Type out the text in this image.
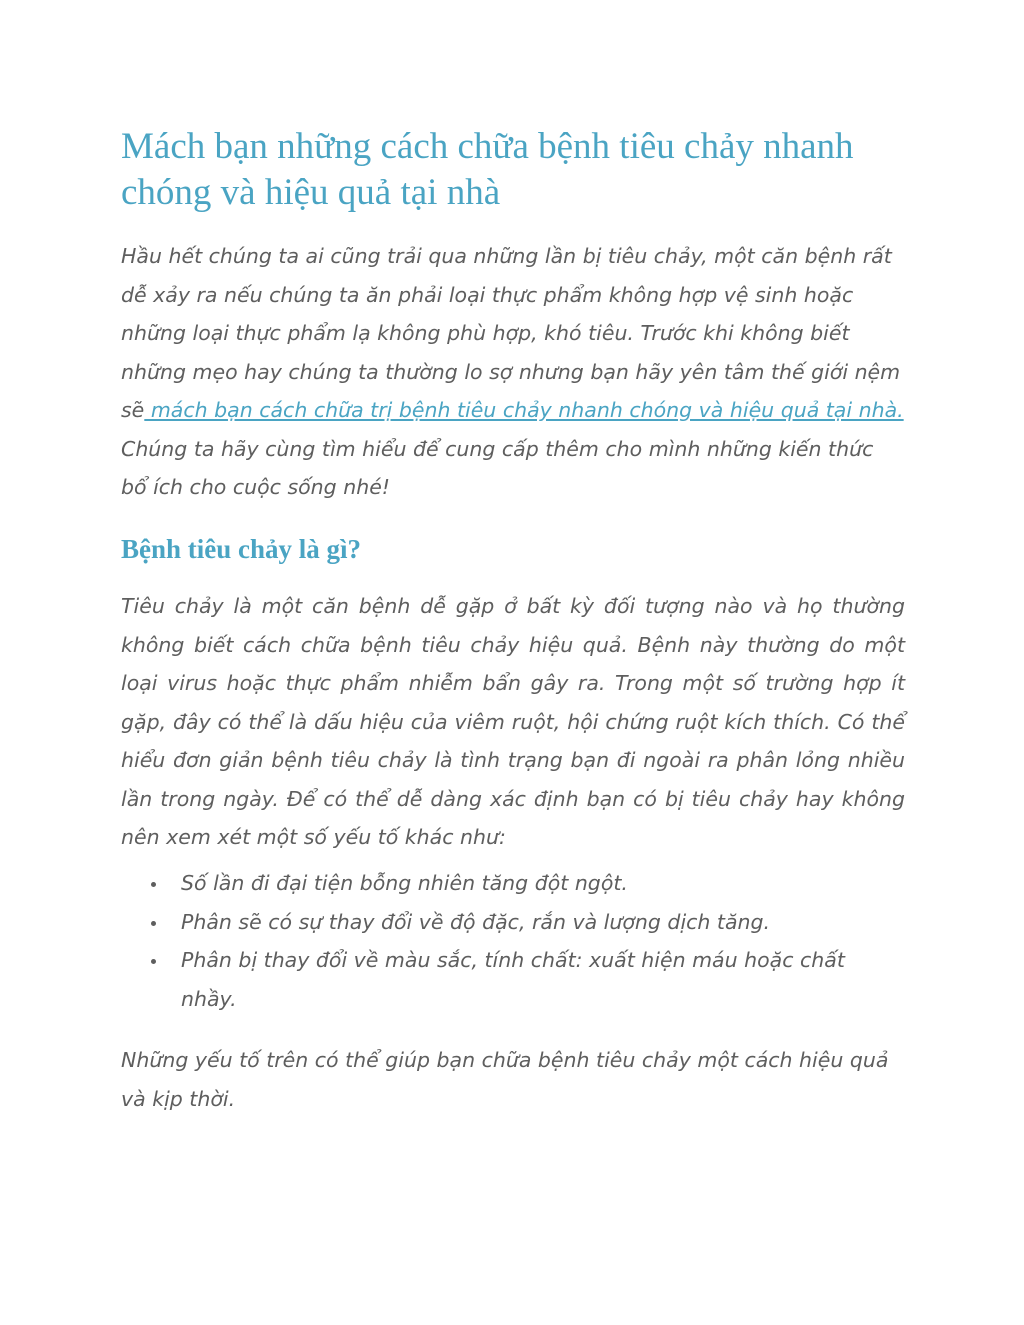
Mách bạn những cách chữa bệnh tiêu chảy nhanh chóng và hiệu quả tại nhà

Hầu hết chúng ta ai cũng trải qua những lần bị tiêu chảy, một căn bệnh rất dễ xảy ra nếu chúng ta ăn phải loại thực phẩm không hợp vệ sinh hoặc những loại thực phẩm lạ không phù hợp, khó tiêu. Trước khi không biết những mẹo hay chúng ta thường lo sợ nhưng bạn hãy yên tâm thế giới nệm sẽ mách bạn cách chữa trị bệnh tiêu chảy nhanh chóng và hiệu quả tại nhà. Chúng ta hãy cùng tìm hiểu để cung cấp thêm cho mình những kiến thức bổ ích cho cuộc sống nhé!

Bệnh tiêu chảy là gì?

Tiêu chảy là một căn bệnh dễ gặp ở bất kỳ đối tượng nào và họ thường không biết cách chữa bệnh tiêu chảy hiệu quả. Bệnh này thường do một loại virus hoặc thực phẩm nhiễm bẩn gây ra. Trong một số trường hợp ít gặp, đây có thể là dấu hiệu của viêm ruột, hội chứng ruột kích thích. Có thể hiểu đơn giản bệnh tiêu chảy là tình trạng bạn đi ngoài ra phân lỏng nhiều lần trong ngày. Để có thể dễ dàng xác định bạn có bị tiêu chảy hay không nên xem xét một số yếu tố khác như:

Số lần đi đại tiện bỗng nhiên tăng đột ngột.
Phân sẽ có sự thay đổi về độ đặc, rắn và lượng dịch tăng.
Phân bị thay đổi về màu sắc, tính chất: xuất hiện máu hoặc chất nhầy.

Những yếu tố trên có thể giúp bạn chữa bệnh tiêu chảy một cách hiệu quả và kịp thời.
